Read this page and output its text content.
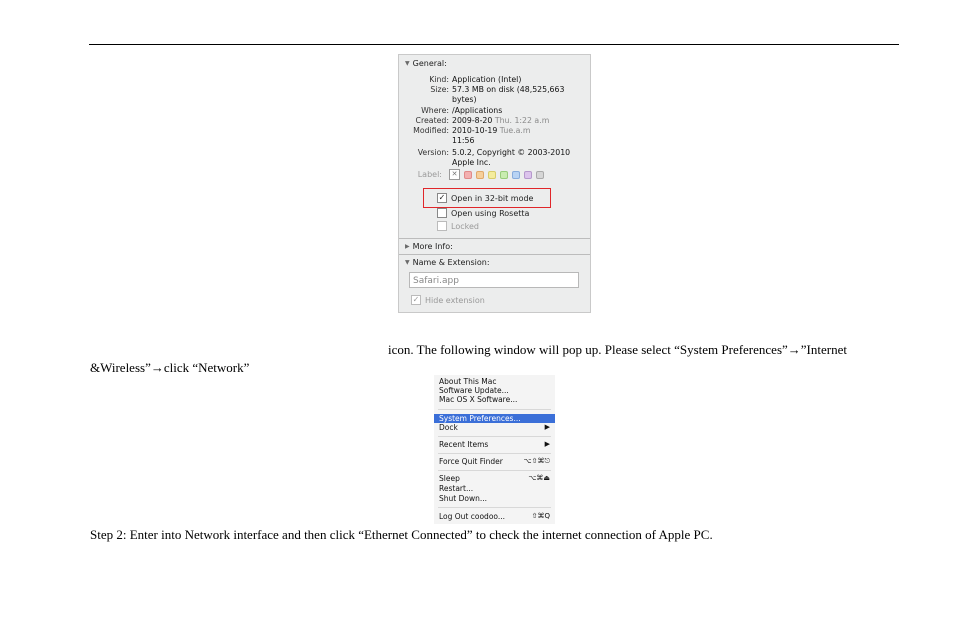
▼ General:
Kind: Application (Intel)
Size: 57.3 MB on disk (48,525,663
bytes)
Where: /Applications
Created: 2009-8-20 Thu. 1:22 a.m
Modified: 2010-10-19 Tue.a.m
11:56
Version: 5.0.2, Copyright © 2003-2010
Apple Inc.
Label:	✕
✓ Open in 32-bit mode
Open using Rosetta
Locked
▶ More Info:
▼ Name & Extension:
Safari.app
✓ Hide extension
icon. The following window will pop up. Please select “System Preferences”→”Internet
&Wireless”→click “Network”
About This Mac
Software Update...
Mac OS X Software...
System Preferences...
Dock	▶
Recent Items	▶
Force Quit Finder	⌥⇧⌘⎋
Sleep	⌥⌘⏏
Restart...
Shut Down...
Log Out coodoo...	⇧⌘Q
Step 2: Enter into Network interface and then click “Ethernet Connected” to check the internet connection of Apple PC.
